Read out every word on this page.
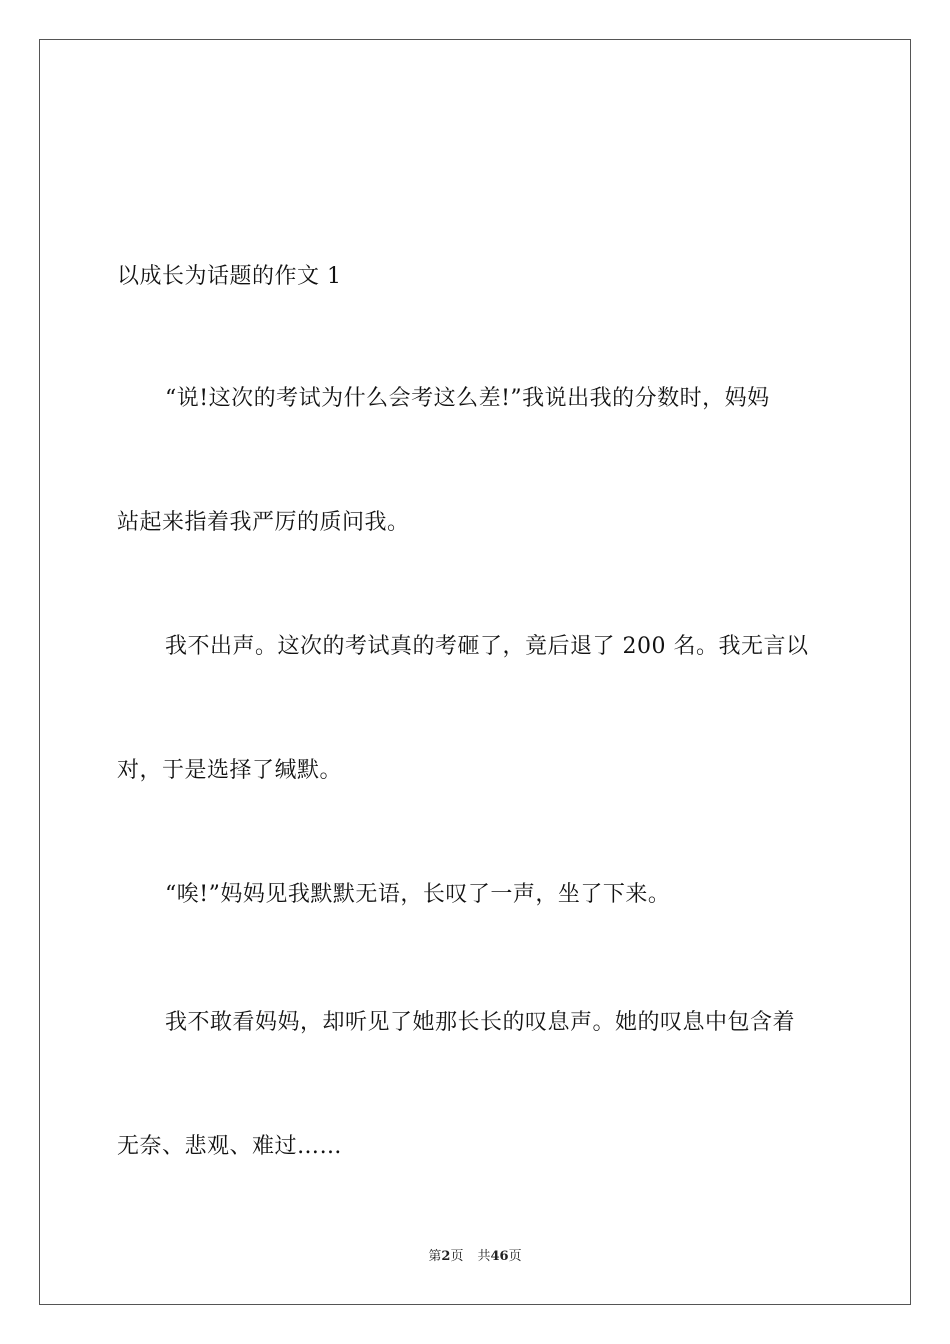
以成长为话题的作文 1
“说!这次的考试为什么会考这么差!”我说出我的分数时，妈妈
站起来指着我严厉的质问我。
我不出声。这次的考试真的考砸了，竟后退了 200 名。我无言以
对，于是选择了缄默。
“唉!”妈妈见我默默无语，长叹了一声，坐了下来。
我不敢看妈妈，却听见了她那长长的叹息声。她的叹息中包含着
无奈、悲观、难过……
第2页 共46页
